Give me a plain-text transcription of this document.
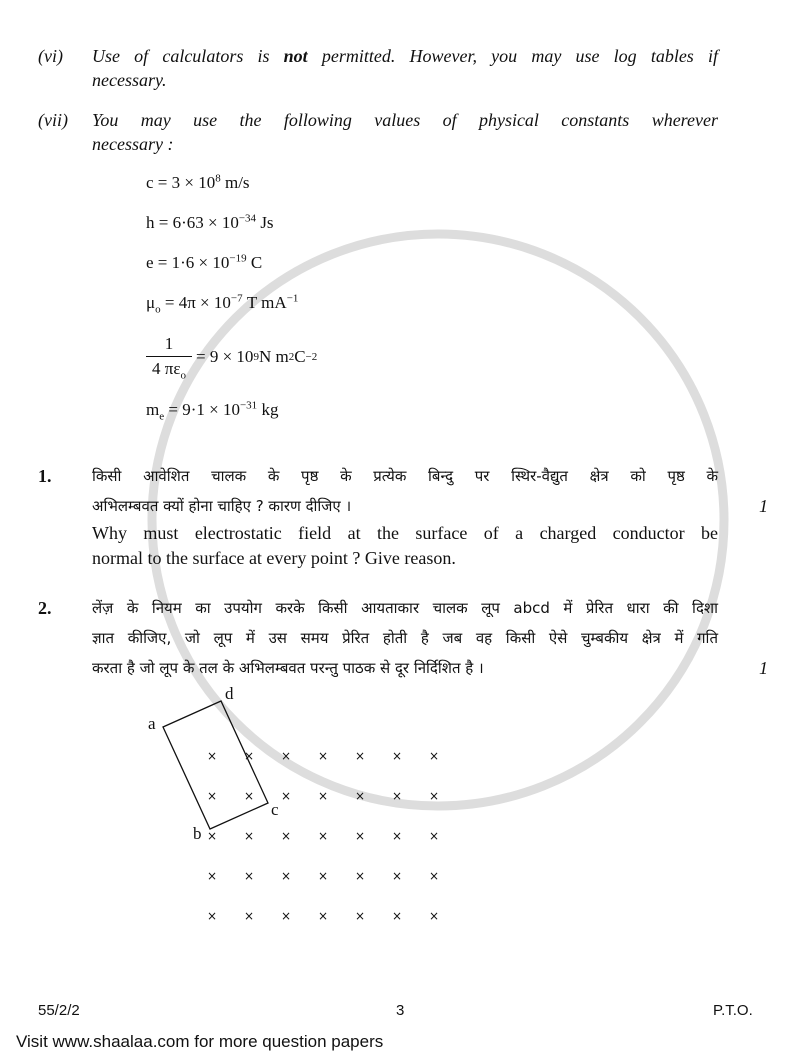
(vi)	Use of calculators is not permitted. However, you may use log tables if
necessary.
(vii)	You may use the following values of physical constants wherever
necessary :
$c = 3 \times 10^8$ m/s
$h = 6\cdot 63 \times 10^{-34}$ Js
$e = 1\cdot 6 \times 10^{-19}$ C
$\mu_o = 4\pi \times 10^{-7}$ T $mA^{-1}$
1
4 $\pi\varepsilon_o$
= 9 × 10 9 N m 2 C −2
$m_e = 9\cdot 1 \times 10^{-31}$ kg
1.	किसी आवेशित चालक के पृष्ठ के प्रत्येक बिन्दु पर स्थिर-वैद्युत क्षेत्र को पृष्ठ के
अभिलम्बवत क्यों होना चाहिए ? कारण दीजिए ।
Why must electrostatic field at the surface of a charged conductor be
normal to the surface at every point ? Give reason.
1
2.	लेंज़ के नियम का उपयोग करके किसी आयताकार चालक लूप abcd में प्रेरित धारा की दिशा
ज्ञात कीजिए, जो लूप में उस समय प्रेरित होती है जब वह किसी ऐसे चुम्बकीय क्षेत्र में गति
करता है जो लूप के तल के अभिलम्बवत परन्तु पाठक से दूर निर्दिशित है ।	1
a
d
c
b
× × × × × × ×
× × × × × × ×
× × × × × × ×
× × × × × × ×
× × × × × × ×
55/2/2	3	P.T.O.
Visit www.shaalaa.com for more question papers
